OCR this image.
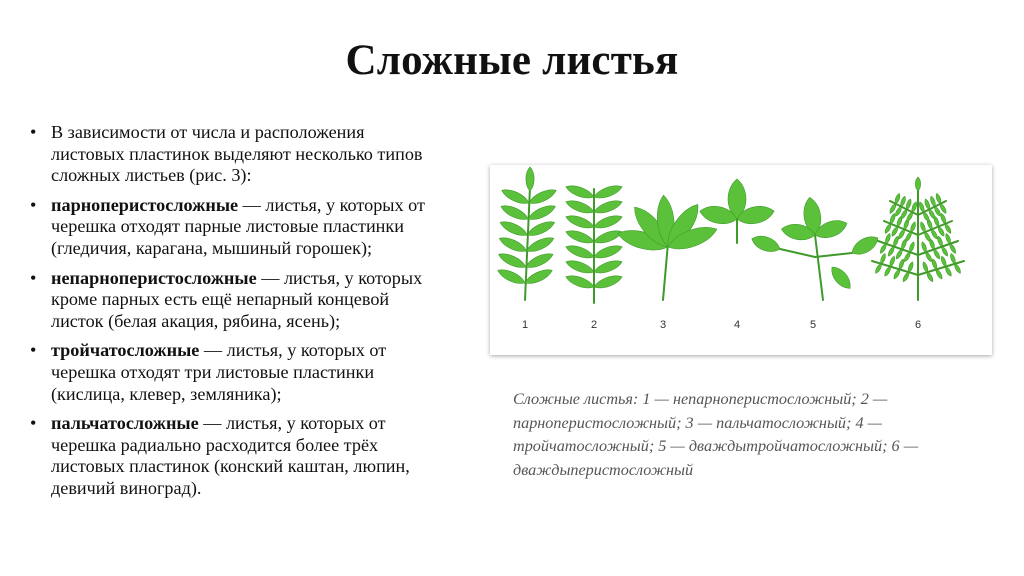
Сложные листья
• В зависимости от числа и расположения
листовых пластинок выделяют несколько типов
сложных листьев (рис. 3):
• парноперистосложные — листья, у которых от
черешка отходят парные листовые пластинки
(гледичия, карагана, мышиный горошек);
• непарноперистосложные — листья, у которых
кроме парных есть ещё непарный концевой
листок (белая акация, рябина, ясень);
• тройчатосложные — листья, у которых от
черешка отходят три листовые пластинки
(кислица, клевер, земляника);
• пальчатосложные — листья, у которых от
черешка радиально расходится более трёх
листовых пластинок (конский каштан, люпин,
девичий виноград).
1	2	3	4	5	6
Сложные листья: 1 — непарноперистосложный; 2 — парноперистосложный; 3 — пальчатосложный; 4 — тройчатосложный; 5 — дваждытройчатосложный; 6 — дваждыперистосложный
